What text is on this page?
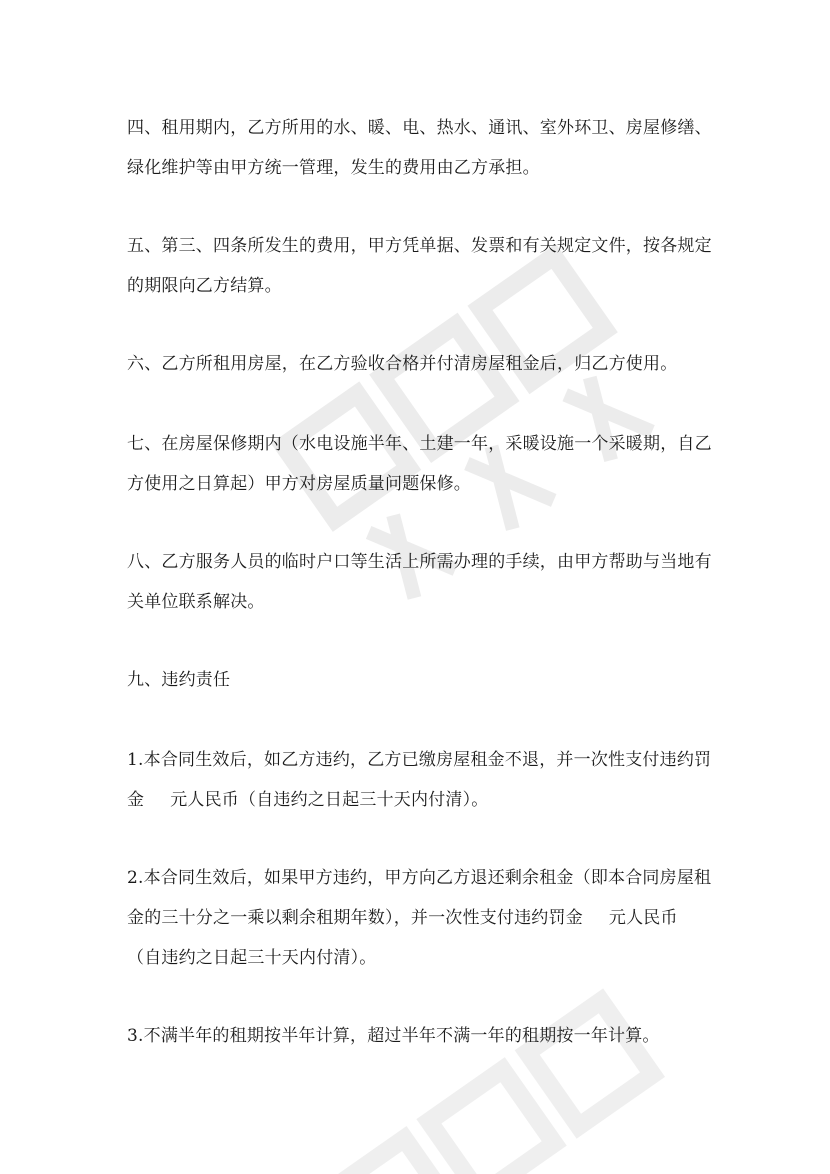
四、租用期内，乙方所用的水、暖、电、热水、通讯、室外环卫、房屋修缮、
绿化维护等由甲方统一管理，发生的费用由乙方承担。

五、第三、四条所发生的费用，甲方凭单据、发票和有关规定文件，按各规定
的期限向乙方结算。

六、乙方所租用房屋，在乙方验收合格并付清房屋租金后，归乙方使用。

七、在房屋保修期内（水电设施半年、土建一年，采暖设施一个采暖期，自乙
方使用之日算起）甲方对房屋质量问题保修。

八、乙方服务人员的临时户口等生活上所需办理的手续，由甲方帮助与当地有
关单位联系解决。

九、违约责任

1.本合同生效后，如乙方违约，乙方已缴房屋租金不退，并一次性支付违约罚
金 元人民币（自违约之日起三十天内付清）。

2.本合同生效后，如果甲方违约，甲方向乙方退还剩余租金（即本合同房屋租
金的三十分之一乘以剩余租期年数），并一次性支付违约罚金 元人民币
（自违约之日起三十天内付清）。

3.不满半年的租期按半年计算，超过半年不满一年的租期按一年计算。
